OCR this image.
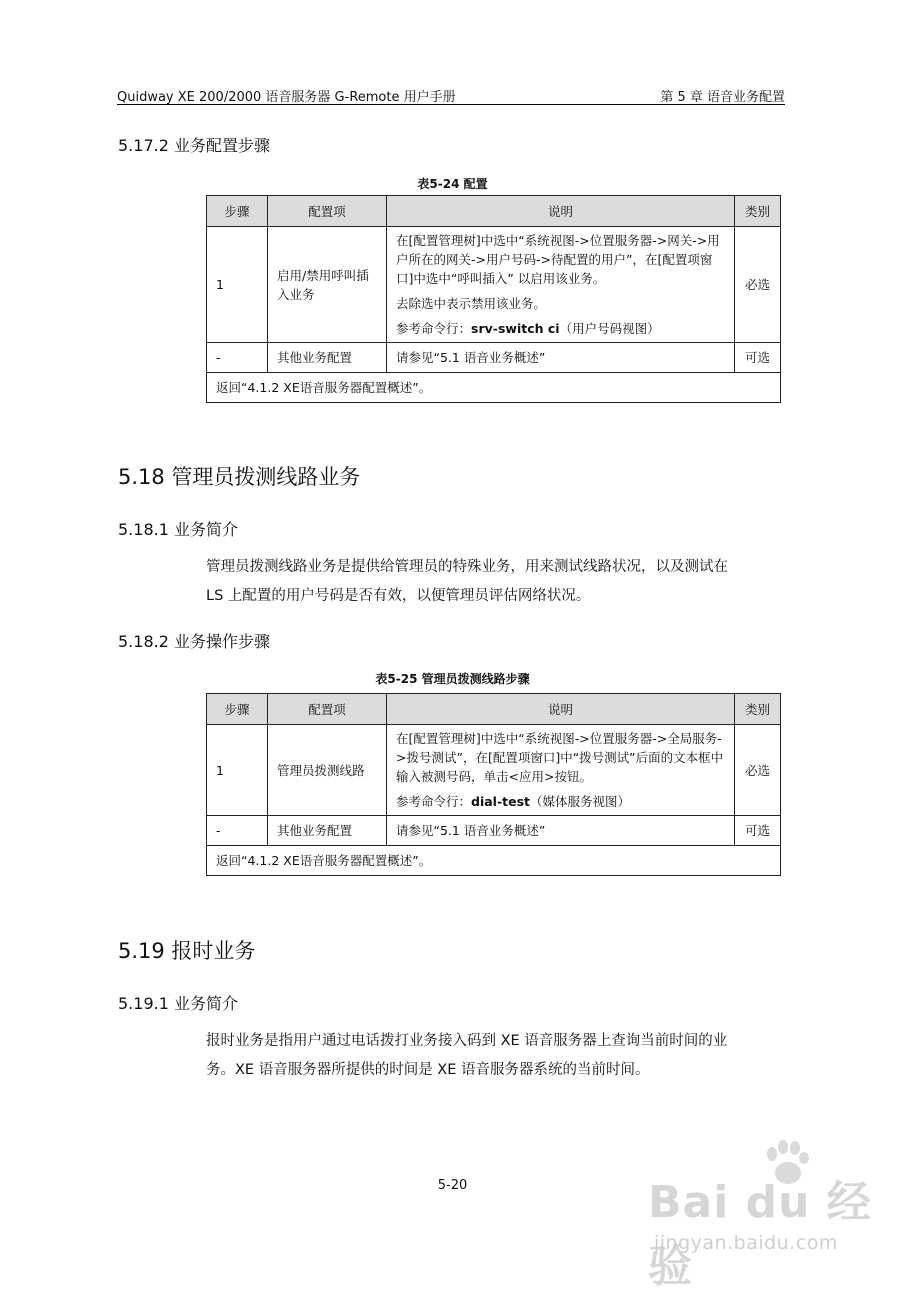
Quidway XE 200/2000 语音服务器 G-Remote 用户手册	第 5 章 语音业务配置
5.17.2 业务配置步骤
表5-24 配置
步骤	配置项	说明	类别
1	启用/禁用呼叫插入业务	在[配置管理树]中选中“系统视图->位置服务器->网关->用户所在的网关->用户号码->待配置的用户”，在[配置项窗口]中选中“呼叫插入” 以启用该业务。

去除选中表示禁用该业务。

参考命令行：srv-switch ci（用户号码视图）	必选
-	其他业务配置	请参见“5.1 语音业务概述”	可选
返回“4.1.2 XE语音服务器配置概述”。			
5.18 管理员拨测线路业务
5.18.1 业务简介
管理员拨测线路业务是提供给管理员的特殊业务，用来测试线路状况，以及测试在
LS 上配置的用户号码是否有效，以便管理员评估网络状况。
5.18.2 业务操作步骤
表5-25 管理员拨测线路步骤
步骤	配置项	说明	类别
1	管理员拨测线路	在[配置管理树]中选中“系统视图->位置服务器->全局服务->拨号测试”，在[配置项窗口]中“拨号测试”后面的文本框中输入被测号码，单击<应用>按钮。

参考命令行：dial-test（媒体服务视图）	必选
-	其他业务配置	请参见“5.1 语音业务概述”	可选
返回“4.1.2 XE语音服务器配置概述”。			
5.19 报时业务
5.19.1 业务简介
报时业务是指用户通过电话拨打业务接入码到 XE 语音服务器上查询当前时间的业
务。XE 语音服务器所提供的时间是 XE 语音服务器系统的当前时间。
5-20	Bai du 经验
jingyan.baidu.com
